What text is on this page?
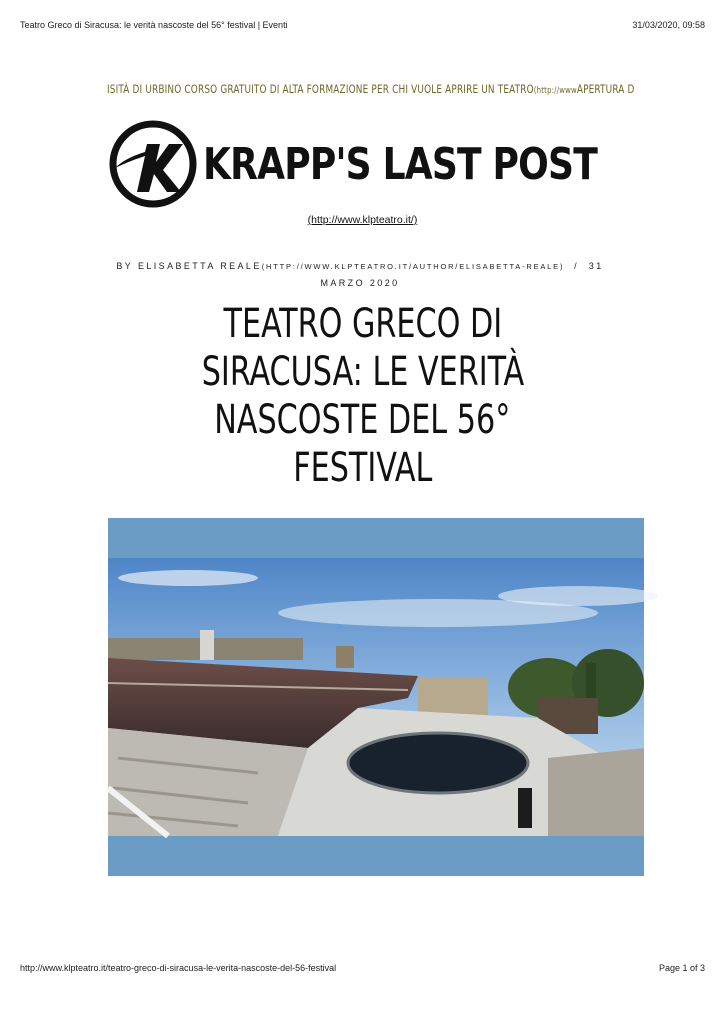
Teatro Greco di Siracusa: le verità nascoste del 56° festival | Eventi	31/03/2020, 09:58
ISITÀ DI URBINO CORSO GRATUITO DI ALTA FORMAZIONE PER CHI VUOLE APRIRE UN TEATRO(http://wwwAPERTURA D
KRAPP'S LAST POST
(http://www.klpteatro.it/)
BY ELISABETTA REALE(HTTP://WWW.KLPTEATRO.IT/AUTHOR/ELISABETTA-REALE) / 31 MARZO 2020
TEATRO GRECO DI
SIRACUSA: LE VERITÀ
NASCOSTE DEL 56°
FESTIVAL
http://www.klpteatro.it/teatro-greco-di-siracusa-le-verita-nascoste-del-56-festival	Page 1 of 3
